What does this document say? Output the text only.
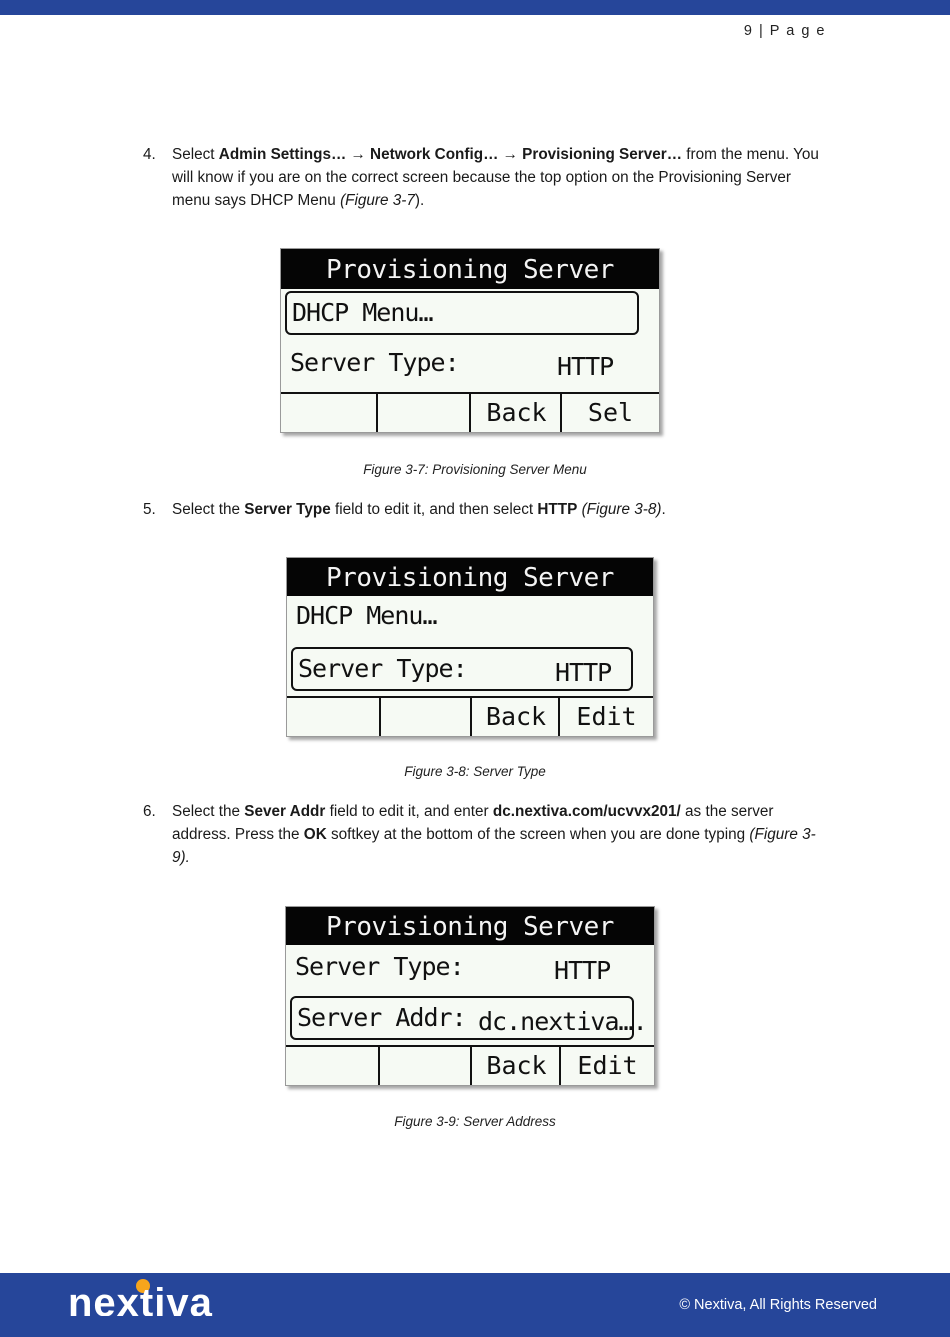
9 | P a g e
4. Select Admin Settings… → Network Config… → Provisioning Server… from the menu. You will know if you are on the correct screen because the top option on the Provisioning Server menu says DHCP Menu (Figure 3-7).
Provisioning Server
DHCP Menu…
Server Type:	HTTP
Back	Sel
Figure 3-7: Provisioning Server Menu
5. Select the Server Type field to edit it, and then select HTTP (Figure 3-8).
Provisioning Server
DHCP Menu…
Server Type:	HTTP
Back	Edit
Figure 3-8: Server Type
6. Select the Sever Addr field to edit it, and enter dc.nextiva.com/ucvvx201/ as the server address. Press the OK softkey at the bottom of the screen when you are done typing (Figure 3-9).
Provisioning Server
Server Type:	HTTP
Server Addr: dc.nextiva….
Back	Edit
Figure 3-9: Server Address
nextiva	© Nextiva, All Rights Reserved
